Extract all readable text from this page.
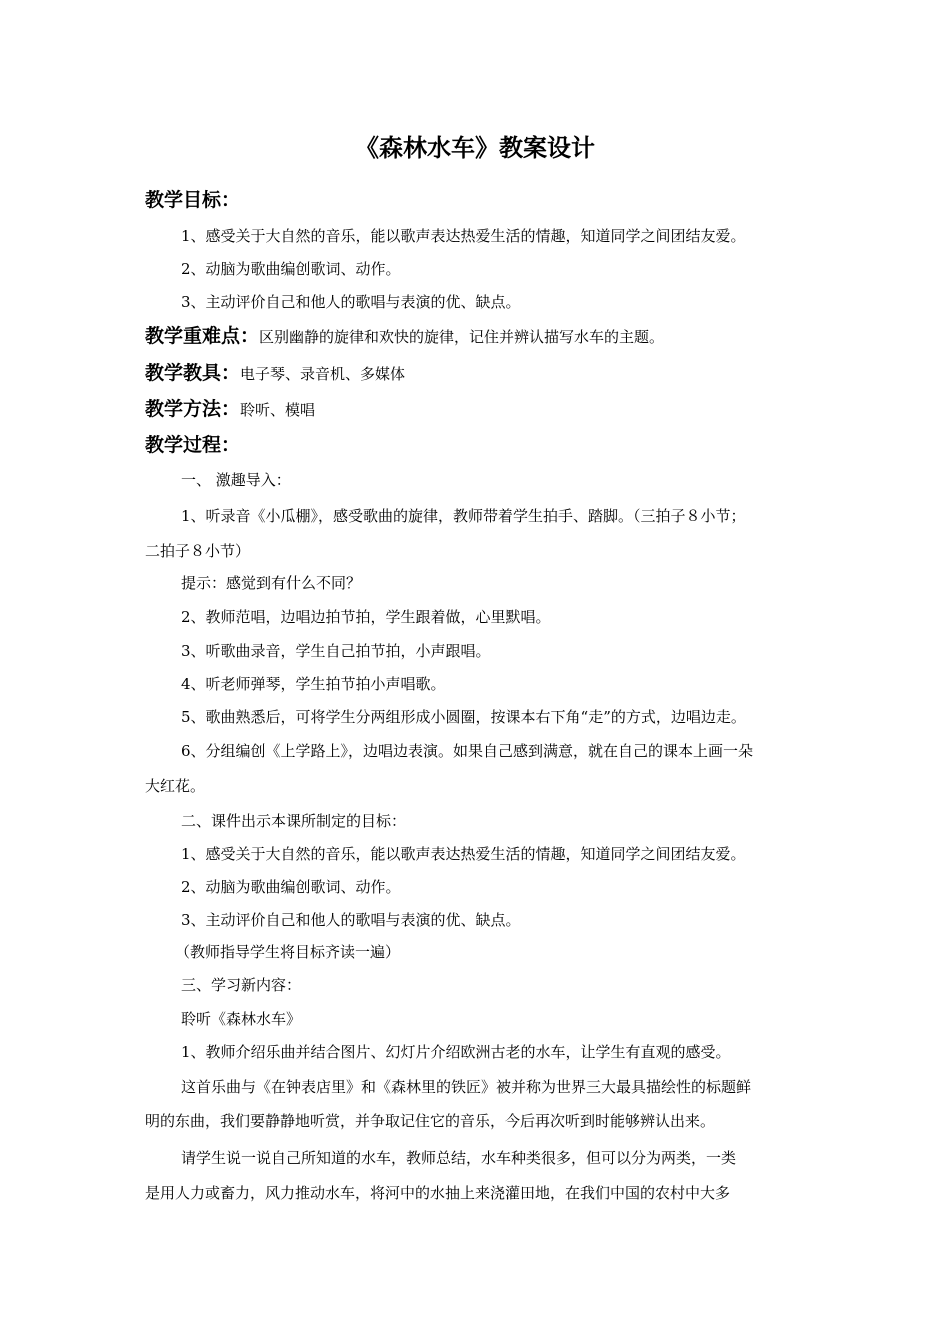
《森林水车》教案设计
教学目标：
1、感受关于大自然的音乐，能以歌声表达热爱生活的情趣，知道同学之间团结友爱。
2、动脑为歌曲编创歌词、动作。
3、主动评价自己和他人的歌唱与表演的优、缺点。
教学重难点：区别幽静的旋律和欢快的旋律，记住并辨认描写水车的主题。
教学教具：电子琴、录音机、多媒体
教学方法：聆听、模唱
教学过程：
一、 激趣导入：
1、听录音《小瓜棚》，感受歌曲的旋律，教师带着学生拍手、踏脚。（三拍子８小节；
二拍子８小节）
提示：感觉到有什么不同？
2、教师范唱，边唱边拍节拍，学生跟着做，心里默唱。
3、听歌曲录音，学生自己拍节拍，小声跟唱。
4、听老师弹琴，学生拍节拍小声唱歌。
5、歌曲熟悉后，可将学生分两组形成小圆圈，按课本右下角“走”的方式，边唱边走。
6、分组编创《上学路上》，边唱边表演。如果自己感到满意，就在自己的课本上画一朵
大红花。
二、课件出示本课所制定的目标：
1、感受关于大自然的音乐，能以歌声表达热爱生活的情趣，知道同学之间团结友爱。
2、动脑为歌曲编创歌词、动作。
3、主动评价自己和他人的歌唱与表演的优、缺点。
（教师指导学生将目标齐读一遍）
三、学习新内容：
聆听《森林水车》
1、教师介绍乐曲并结合图片、幻灯片介绍欧洲古老的水车，让学生有直观的感受。
这首乐曲与《在钟表店里》和《森林里的铁匠》被并称为世界三大最具描绘性的标题鲜
明的东曲，我们要静静地听赏，并争取记住它的音乐，今后再次听到时能够辨认出来。
请学生说一说自己所知道的水车，教师总结，水车种类很多，但可以分为两类，一类
是用人力或畜力，风力推动水车，将河中的水抽上来浇灌田地，在我们中国的农村中大多
